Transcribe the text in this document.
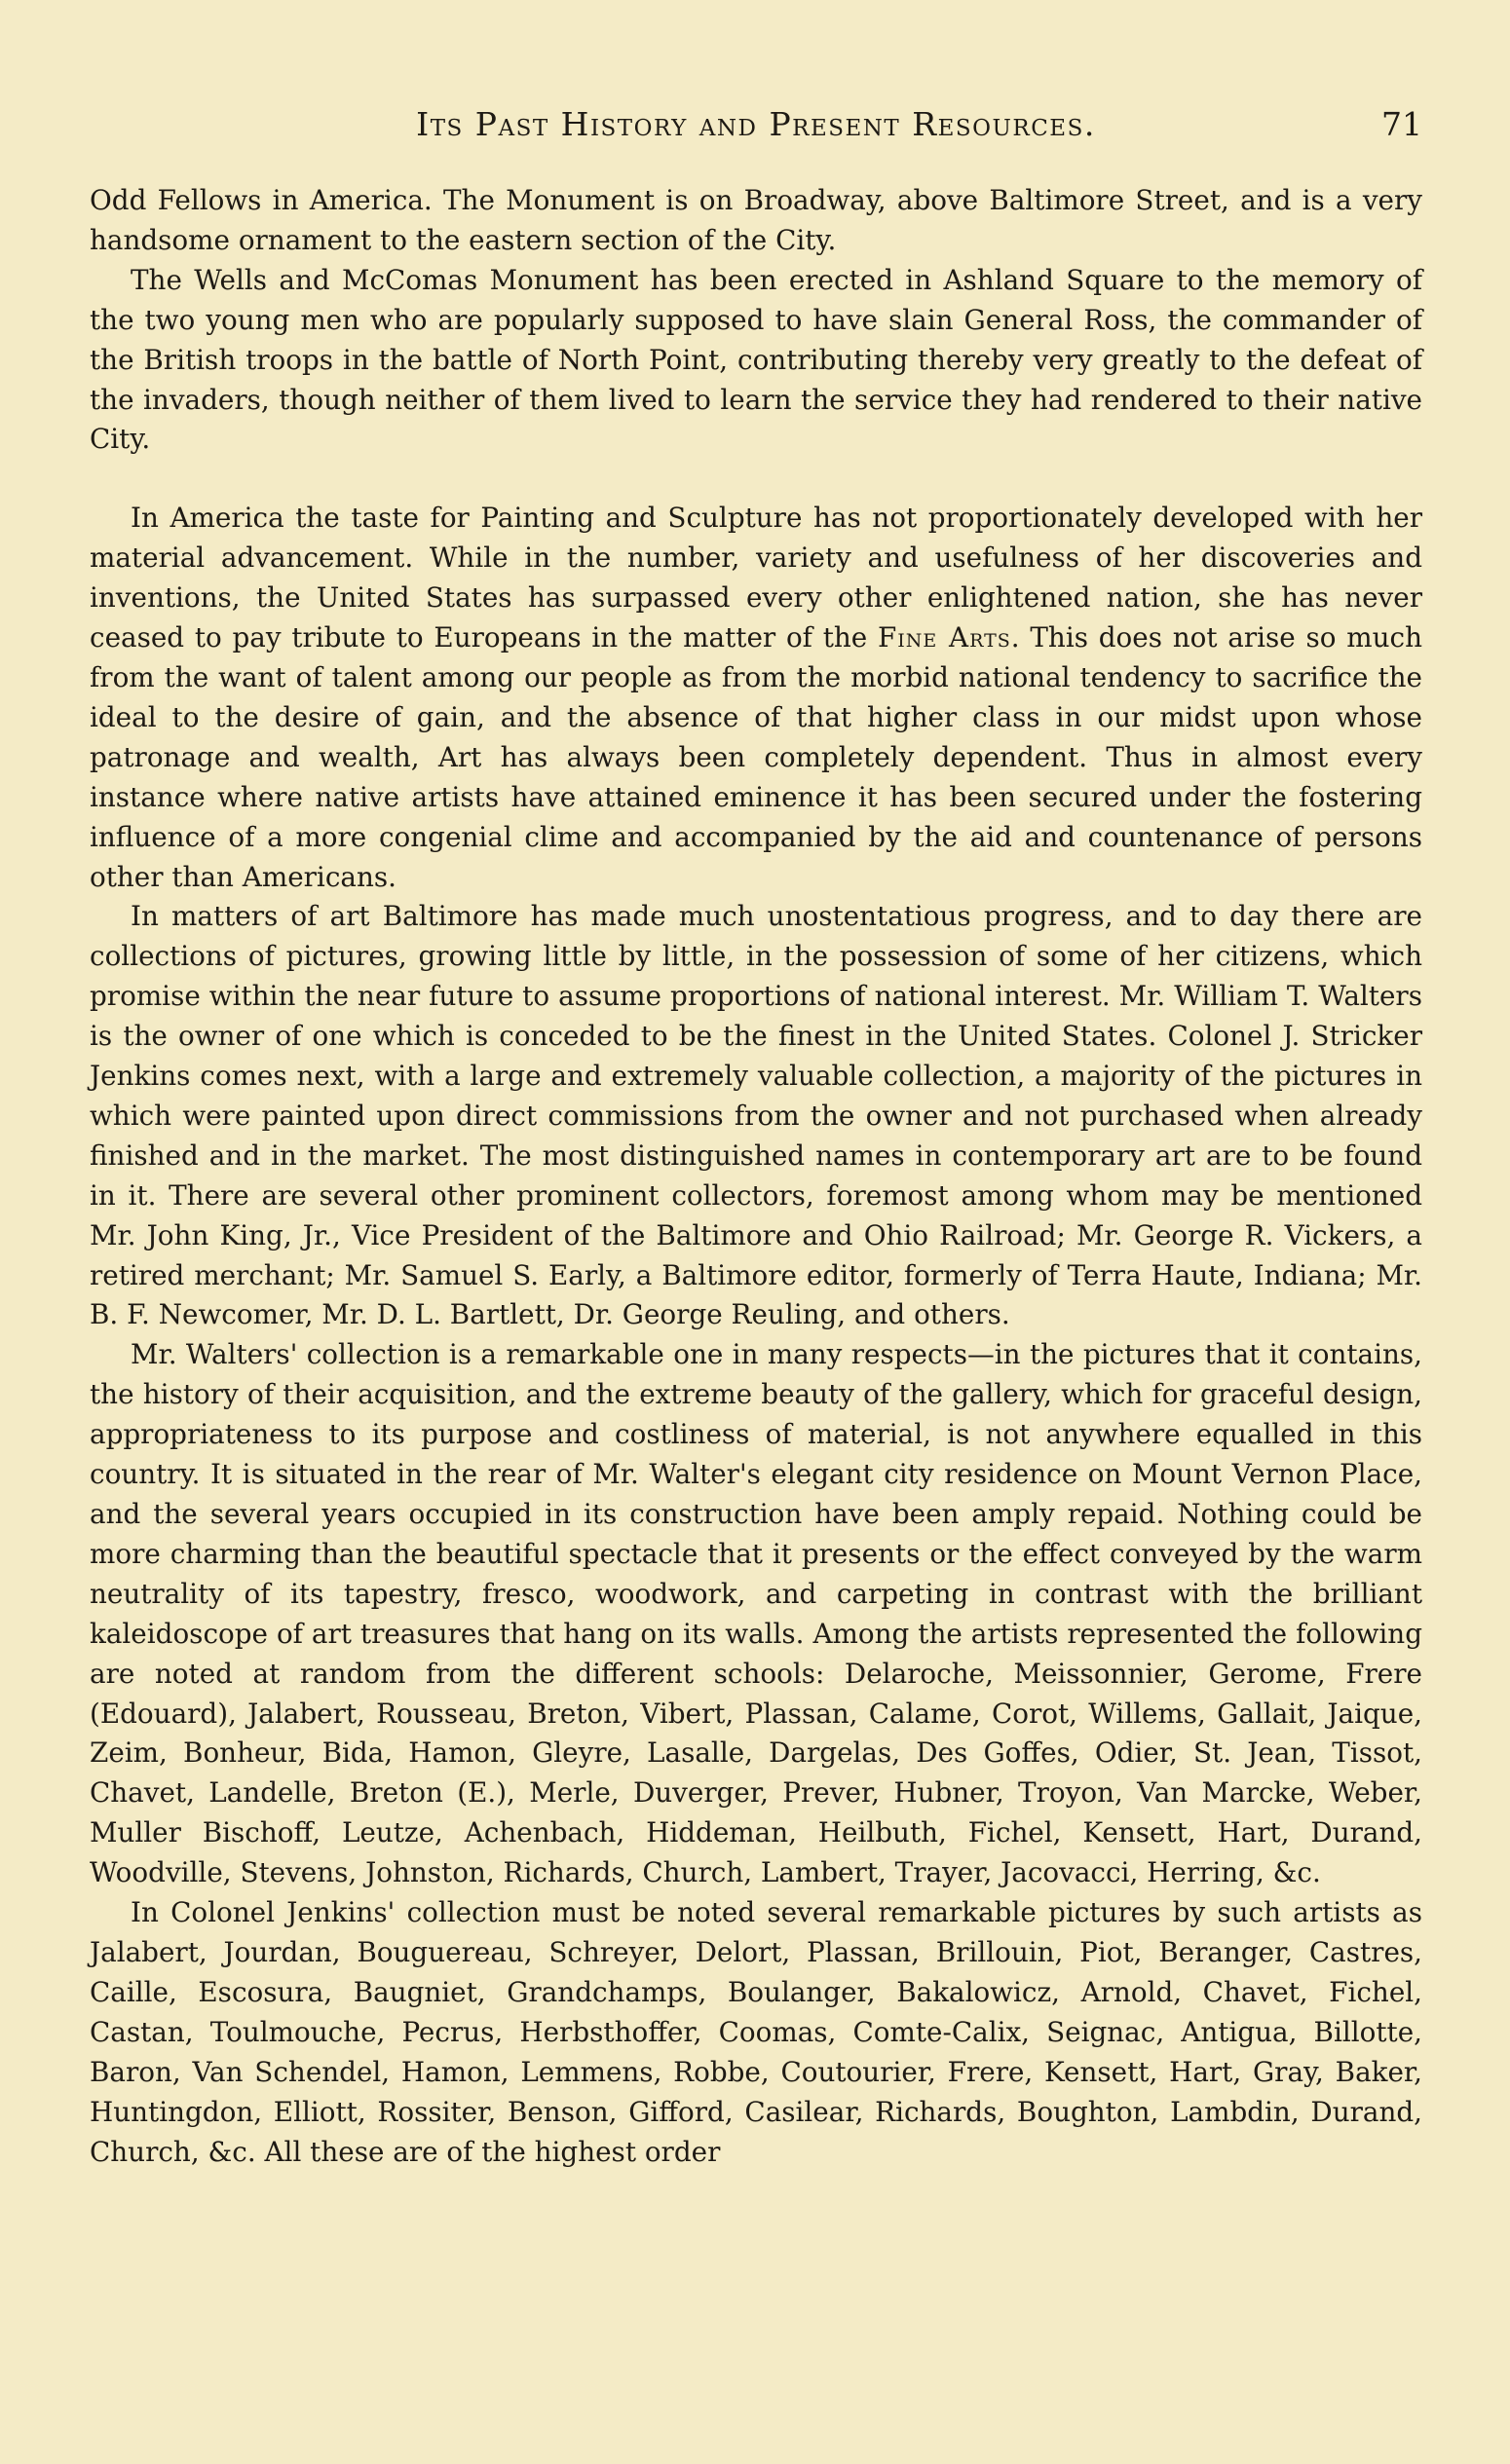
Its Past History and Present Resources.	71

Odd Fellows in America. The Monument is on Broadway, above Baltimore Street, and is a very handsome ornament to the eastern section of the City.

The Wells and McComas Monument has been erected in Ashland Square to the memory of the two young men who are popularly supposed to have slain General Ross, the commander of the British troops in the battle of North Point, contributing thereby very greatly to the defeat of the invaders, though neither of them lived to learn the service they had rendered to their native City.

In America the taste for Painting and Sculpture has not proportionately developed with her material advancement. While in the number, variety and usefulness of her discoveries and inventions, the United States has surpassed every other enlightened nation, she has never ceased to pay tribute to Europeans in the matter of the Fine Arts. This does not arise so much from the want of talent among our people as from the morbid national tendency to sacrifice the ideal to the desire of gain, and the absence of that higher class in our midst upon whose patronage and wealth, Art has always been completely dependent. Thus in almost every instance where native artists have attained eminence it has been secured under the fostering influence of a more congenial clime and accompanied by the aid and countenance of persons other than Americans.

In matters of art Baltimore has made much unostentatious progress, and to day there are collections of pictures, growing little by little, in the possession of some of her citizens, which promise within the near future to assume proportions of national interest. Mr. William T. Walters is the owner of one which is conceded to be the finest in the United States. Colonel J. Stricker Jenkins comes next, with a large and extremely valuable collection, a majority of the pictures in which were painted upon direct commissions from the owner and not purchased when already finished and in the market. The most distinguished names in contemporary art are to be found in it. There are several other prominent collectors, foremost among whom may be mentioned Mr. John King, Jr., Vice President of the Baltimore and Ohio Railroad; Mr. George R. Vickers, a retired merchant; Mr. Samuel S. Early, a Baltimore editor, formerly of Terra Haute, Indiana; Mr. B. F. Newcomer, Mr. D. L. Bartlett, Dr. George Reuling, and others.

Mr. Walters' collection is a remarkable one in many respects—in the pictures that it contains, the history of their acquisition, and the extreme beauty of the gallery, which for graceful design, appropriateness to its purpose and costliness of material, is not anywhere equalled in this country. It is situated in the rear of Mr. Walter's elegant city residence on Mount Vernon Place, and the several years occupied in its construction have been amply repaid. Nothing could be more charming than the beautiful spectacle that it presents or the effect conveyed by the warm neutrality of its tapestry, fresco, woodwork, and carpeting in contrast with the brilliant kaleidoscope of art treasures that hang on its walls. Among the artists represented the following are noted at random from the different schools: Delaroche, Meissonnier, Gerome, Frere (Edouard), Jalabert, Rousseau, Breton, Vibert, Plassan, Calame, Corot, Willems, Gallait, Jaique, Zeim, Bonheur, Bida, Hamon, Gleyre, Lasalle, Dargelas, Des Goffes, Odier, St. Jean, Tissot, Chavet, Landelle, Breton (E.), Merle, Duverger, Prever, Hubner, Troyon, Van Marcke, Weber, Muller Bischoff, Leutze, Achenbach, Hiddeman, Heilbuth, Fichel, Kensett, Hart, Durand, Woodville, Stevens, Johnston, Richards, Church, Lambert, Trayer, Jacovacci, Herring, &c.

In Colonel Jenkins' collection must be noted several remarkable pictures by such artists as Jalabert, Jourdan, Bouguereau, Schreyer, Delort, Plassan, Brillouin, Piot, Beranger, Castres, Caille, Escosura, Baugniet, Grandchamps, Boulanger, Bakalowicz, Arnold, Chavet, Fichel, Castan, Toulmouche, Pecrus, Herbsthoffer, Coomas, Comte-Calix, Seignac, Antigua, Billotte, Baron, Van Schendel, Hamon, Lemmens, Robbe, Coutourier, Frere, Kensett, Hart, Gray, Baker, Huntingdon, Elliott, Rossiter, Benson, Gifford, Casilear, Richards, Boughton, Lambdin, Durand, Church, &c. All these are of the highest order
